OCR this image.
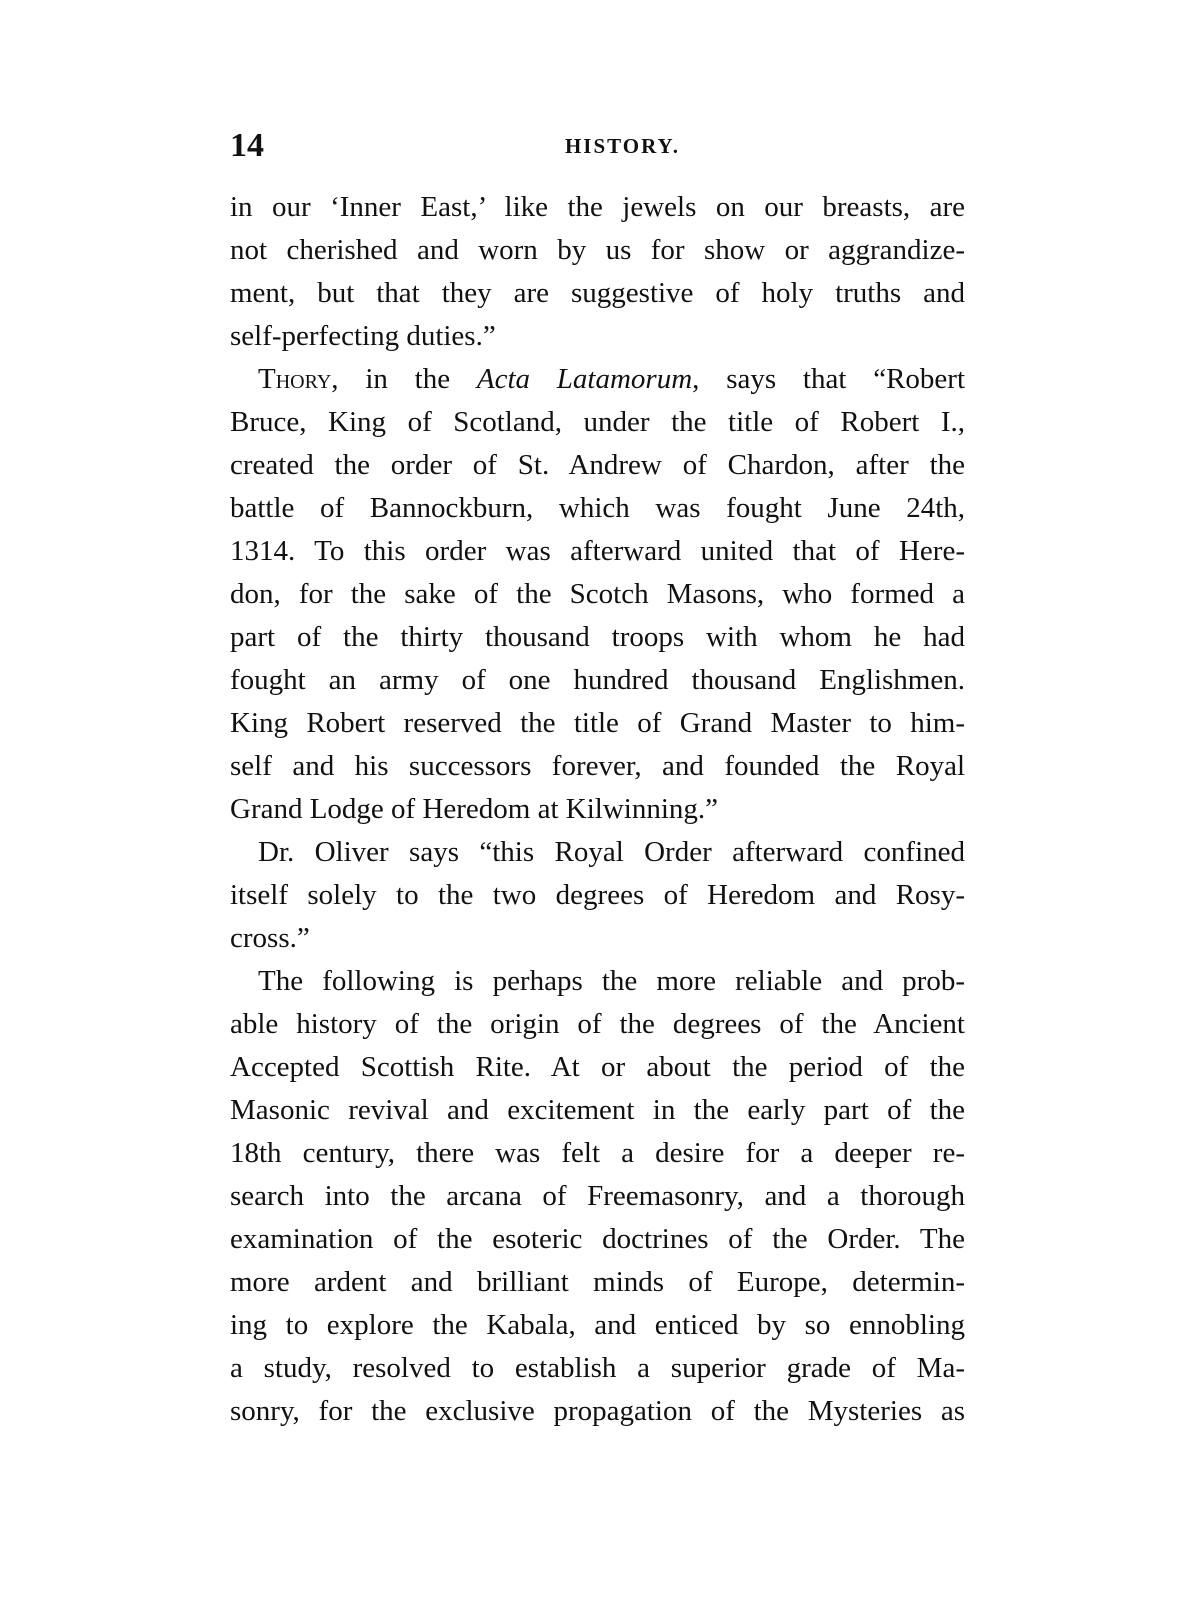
14	HISTORY.
in our ‘Inner East,’ like the jewels on our breasts, are
not cherished and worn by us for show or aggrandize-
ment, but that they are suggestive of holy truths and
self-perfecting duties.”
Thory, in the Acta Latamorum, says that “Robert
Bruce, King of Scotland, under the title of Robert I.,
created the order of St. Andrew of Chardon, after the
battle of Bannockburn, which was fought June 24th,
1314. To this order was afterward united that of Here-
don, for the sake of the Scotch Masons, who formed a
part of the thirty thousand troops with whom he had
fought an army of one hundred thousand Englishmen.
King Robert reserved the title of Grand Master to him-
self and his successors forever, and founded the Royal
Grand Lodge of Heredom at Kilwinning.”
Dr. Oliver says “this Royal Order afterward confined
itself solely to the two degrees of Heredom and Rosy-
cross.”
The following is perhaps the more reliable and prob-
able history of the origin of the degrees of the Ancient
Accepted Scottish Rite. At or about the period of the
Masonic revival and excitement in the early part of the
18th century, there was felt a desire for a deeper re-
search into the arcana of Freemasonry, and a thorough
examination of the esoteric doctrines of the Order. The
more ardent and brilliant minds of Europe, determin-
ing to explore the Kabala, and enticed by so ennobling
a study, resolved to establish a superior grade of Ma-
sonry, for the exclusive propagation of the Mysteries as
